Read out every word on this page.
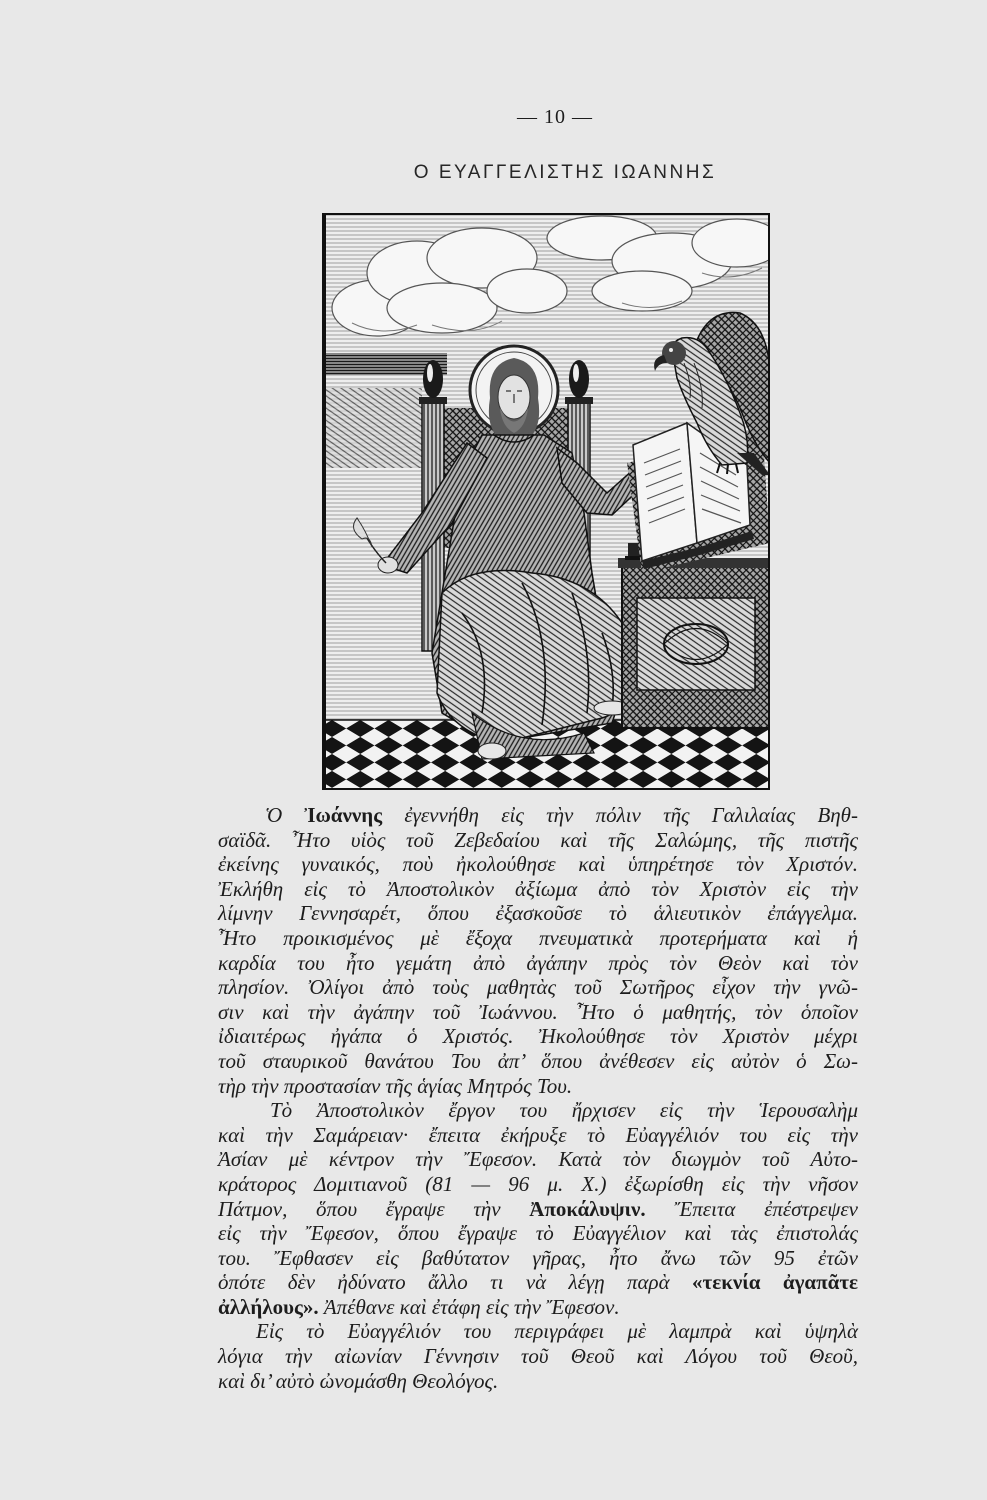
— 10 —
Ο ΕΥΑΓΓΕΛΙΣΤΗΣ ΙΩΑΝΝΗΣ
Ὁ Ἰωάννης ἐγεννήθη εἰς τὴν πόλιν τῆς Γαλιλαίας Βηθ-
σαϊδᾶ. Ἦτο υἱὸς τοῦ Ζεβεδαίου καὶ τῆς Σαλώμης, τῆς πιστῆς
ἐκείνης γυναικός, ποὺ ἠκολούθησε καὶ ὑπηρέτησε τὸν Χριστόν.
Ἐκλήθη εἰς τὸ Ἀποστολικὸν ἀξίωμα ἀπὸ τὸν Χριστὸν εἰς τὴν
λίμνην Γεννησαρέτ, ὅπου ἐξασκοῦσε τὸ ἁλιευτικὸν ἐπάγγελμα.
Ἦτο προικισμένος μὲ ἔξοχα πνευματικὰ προτερήματα καὶ ἡ
καρδία του ἦτο γεμάτη ἀπὸ ἀγάπην πρὸς τὸν Θεὸν καὶ τὸν
πλησίον. Ὀλίγοι ἀπὸ τοὺς μαθητὰς τοῦ Σωτῆρος εἶχον τὴν γνῶ-
σιν καὶ τὴν ἀγάπην τοῦ Ἰωάννου. Ἦτο ὁ μαθητής, τὸν ὁποῖον
ἰδιαιτέρως ἠγάπα ὁ Χριστός. Ἠκολούθησε τὸν Χριστὸν μέχρι
τοῦ σταυρικοῦ θανάτου Του ἀπ’ ὅπου ἀνέθεσεν εἰς αὐτὸν ὁ Σω-
τὴρ τὴν προστασίαν τῆς ἁγίας Μητρός Του.
Τὸ Ἀποστολικὸν ἔργον του ἤρχισεν εἰς τὴν Ἱερουσαλὴμ
καὶ τὴν Σαμάρειαν· ἔπειτα ἐκήρυξε τὸ Εὐαγγέλιόν του εἰς τὴν
Ἀσίαν μὲ κέντρον τὴν Ἔφεσον. Κατὰ τὸν διωγμὸν τοῦ Αὐτο-
κράτορος Δομιτιανοῦ (81 — 96 μ. Χ.) ἐξωρίσθη εἰς τὴν νῆσον
Πάτμον, ὅπου ἔγραψε τὴν Ἀποκάλυψιν. Ἔπειτα ἐπέστρεψεν
εἰς τὴν Ἔφεσον, ὅπου ἔγραψε τὸ Εὐαγγέλιον καὶ τὰς ἐπιστολάς
του. Ἔφθασεν εἰς βαθύτατον γῆρας, ἦτο ἄνω τῶν 95 ἐτῶν
ὁπότε δὲν ἠδύνατο ἄλλο τι νὰ λέγῃ παρὰ «τεκνία ἀγαπᾶτε
ἀλλήλους». Ἀπέθανε καὶ ἐτάφη εἰς τὴν Ἔφεσον.
Εἰς τὸ Εὐαγγέλιόν του περιγράφει μὲ λαμπρὰ καὶ ὑψηλὰ
λόγια τὴν αἰωνίαν Γέννησιν τοῦ Θεοῦ καὶ Λόγου τοῦ Θεοῦ,
καὶ δι’ αὐτὸ ὠνομάσθη Θεολόγος.
